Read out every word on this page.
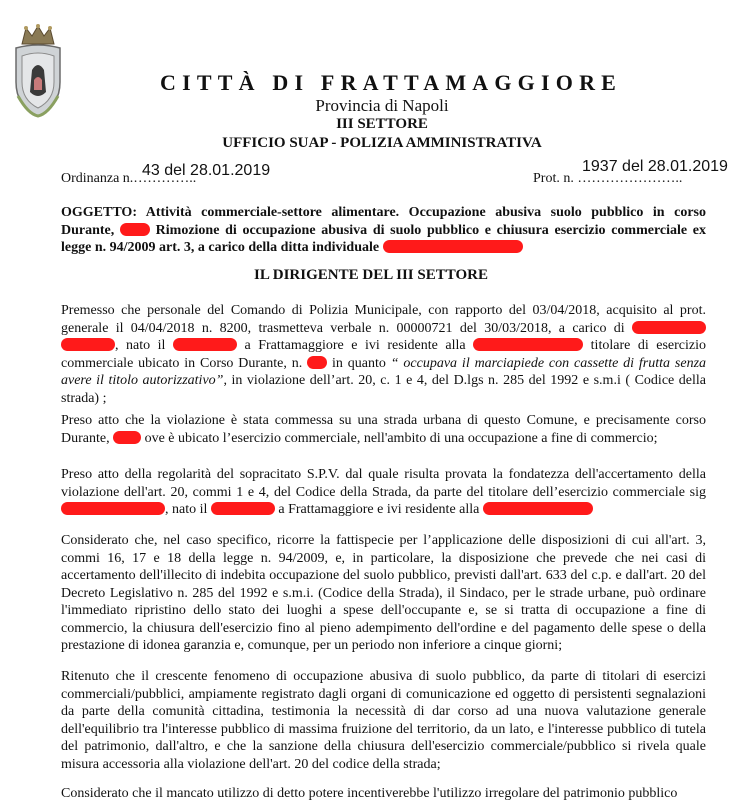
CITTÀ DI FRATTAMAGGIORE
Provincia di Napoli
III SETTORE
UFFICIO SUAP - POLIZIA AMMINISTRATIVA
Ordinanza n.…………..
43 del 28.01.2019	Prot. n. …………………..
1937 del 28.01.2019

OGGETTO: Attività commerciale-settore alimentare. Occupazione abusiva suolo pubblico in corso Durante,	Rimozione di occupazione abusiva di suolo pubblico e chiusura esercizio commerciale ex legge n. 94/2009 art. 3, a carico della ditta individuale

IL DIRIGENTE DEL III SETTORE

Premesso che personale del Comando di Polizia Municipale, con rapporto del 03/04/2018, acquisito al prot. generale il 04/04/2018 n. 8200, trasmetteva verbale n. 00000721 del 30/03/2018, a carico di  , nato il	a Frattamaggiore e ivi residente alla	titolare di esercizio commerciale ubicato in Corso Durante, n. in quanto “ occupava il marciapiede con cassette di frutta senza avere il titolo autorizzativo”, in violazione dell’art. 20, c. 1 e 4, del D.lgs n. 285 del 1992 e s.m.i ( Codice della strada) ;

Preso atto che la violazione è stata commessa su una strada urbana di questo Comune, e precisamente corso Durante,	ove è ubicato l’esercizio commerciale, nell'ambito di una occupazione a fine di commercio;

Preso atto della regolarità del sopracitato S.P.V. dal quale risulta provata la fondatezza dell'accertamento della violazione dell'art. 20, commi 1 e 4, del Codice della Strada, da parte del titolare dell’esercizio commerciale sig , nato il	a Frattamaggiore e ivi residente alla

Considerato che, nel caso specifico, ricorre la fattispecie per l’applicazione delle disposizioni di cui all'art. 3, commi 16, 17 e 18 della legge n. 94/2009, e, in particolare, la disposizione che prevede che nei casi di accertamento dell'illecito di indebita occupazione del suolo pubblico, previsti dall'art. 633 del c.p. e dall'art. 20 del Decreto Legislativo n. 285 del 1992 e s.m.i. (Codice della Strada), il Sindaco, per le strade urbane, può ordinare l'immediato ripristino dello stato dei luoghi a spese dell'occupante e, se si tratta di occupazione a fine di commercio, la chiusura dell'esercizio fino al pieno adempimento dell'ordine e del pagamento delle spese o della prestazione di idonea garanzia e, comunque, per un periodo non inferiore a cinque giorni;

Ritenuto che il crescente fenomeno di occupazione abusiva di suolo pubblico, da parte di titolari di esercizi commerciali/pubblici, ampiamente registrato dagli organi di comunicazione ed oggetto di persistenti segnalazioni da parte della comunità cittadina, testimonia la necessità di dar corso ad una nuova valutazione generale dell'equilibrio tra l'interesse pubblico di massima fruizione del territorio, da un lato, e l'interesse pubblico di tutela del patrimonio, dall'altro, e che la sanzione della chiusura dell'esercizio commerciale/pubblico si rivela quale misura accessoria alla violazione dell'art. 20 del codice della strada;

Considerato che il mancato utilizzo di detto potere incentiverebbe l'utilizzo irregolare del patrimonio pubblico
